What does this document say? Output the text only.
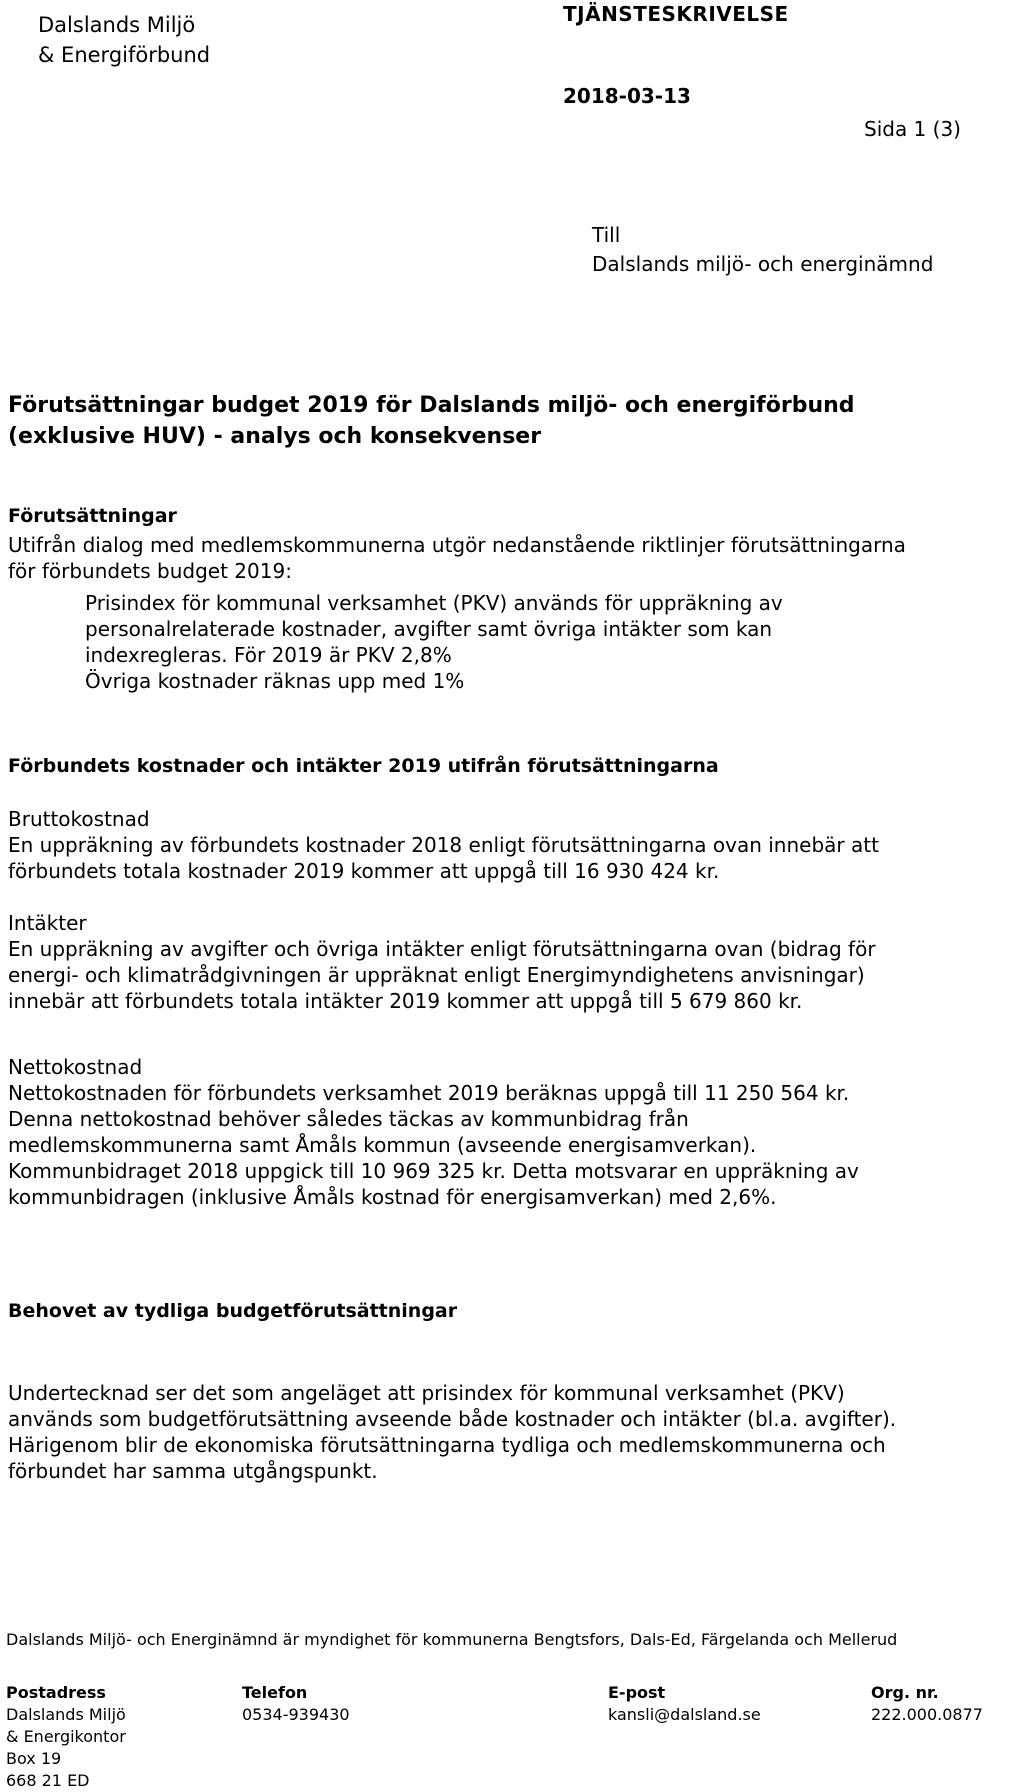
Dalslands Miljö
& Energiförbund
TJÄNSTESKRIVELSE
2018-03-13
Sida 1 (3)
Till
Dalslands miljö- och energinämnd
Förutsättningar budget 2019 för Dalslands miljö- och energiförbund
(exklusive HUV) - analys och konsekvenser
Förutsättningar
Utifrån dialog med medlemskommunerna utgör nedanstående riktlinjer förutsättningarna
för förbundets budget 2019:
Prisindex för kommunal verksamhet (PKV) används för uppräkning av
personalrelaterade kostnader, avgifter samt övriga intäkter som kan
indexregleras. För 2019 är PKV 2,8%
Övriga kostnader räknas upp med 1%
Förbundets kostnader och intäkter 2019 utifrån förutsättningarna
Bruttokostnad
En uppräkning av förbundets kostnader 2018 enligt förutsättningarna ovan innebär att
förbundets totala kostnader 2019 kommer att uppgå till 16 930 424 kr.
Intäkter
En uppräkning av avgifter och övriga intäkter enligt förutsättningarna ovan (bidrag för
energi- och klimatrådgivningen är uppräknat enligt Energimyndighetens anvisningar)
innebär att förbundets totala intäkter 2019 kommer att uppgå till 5 679 860 kr.
Nettokostnad
Nettokostnaden för förbundets verksamhet 2019 beräknas uppgå till 11 250 564 kr.
Denna nettokostnad behöver således täckas av kommunbidrag från
medlemskommunerna samt Åmåls kommun (avseende energisamverkan).
Kommunbidraget 2018 uppgick till 10 969 325 kr. Detta motsvarar en uppräkning av
kommunbidragen (inklusive Åmåls kostnad för energisamverkan) med 2,6%.
Behovet av tydliga budgetförutsättningar
Undertecknad ser det som angeläget att prisindex för kommunal verksamhet (PKV)
används som budgetförutsättning avseende både kostnader och intäkter (bl.a. avgifter).
Härigenom blir de ekonomiska förutsättningarna tydliga och medlemskommunerna och
förbundet har samma utgångspunkt.
Dalslands Miljö- och Energinämnd är myndighet för kommunerna Bengtsfors, Dals-Ed, Färgelanda och Mellerud
Postadress
Dalslands Miljö
& Energikontor
Box 19
668 21 ED
Telefon
0534-939430
E-post
kansli@dalsland.se
Org. nr.
222.000.0877
